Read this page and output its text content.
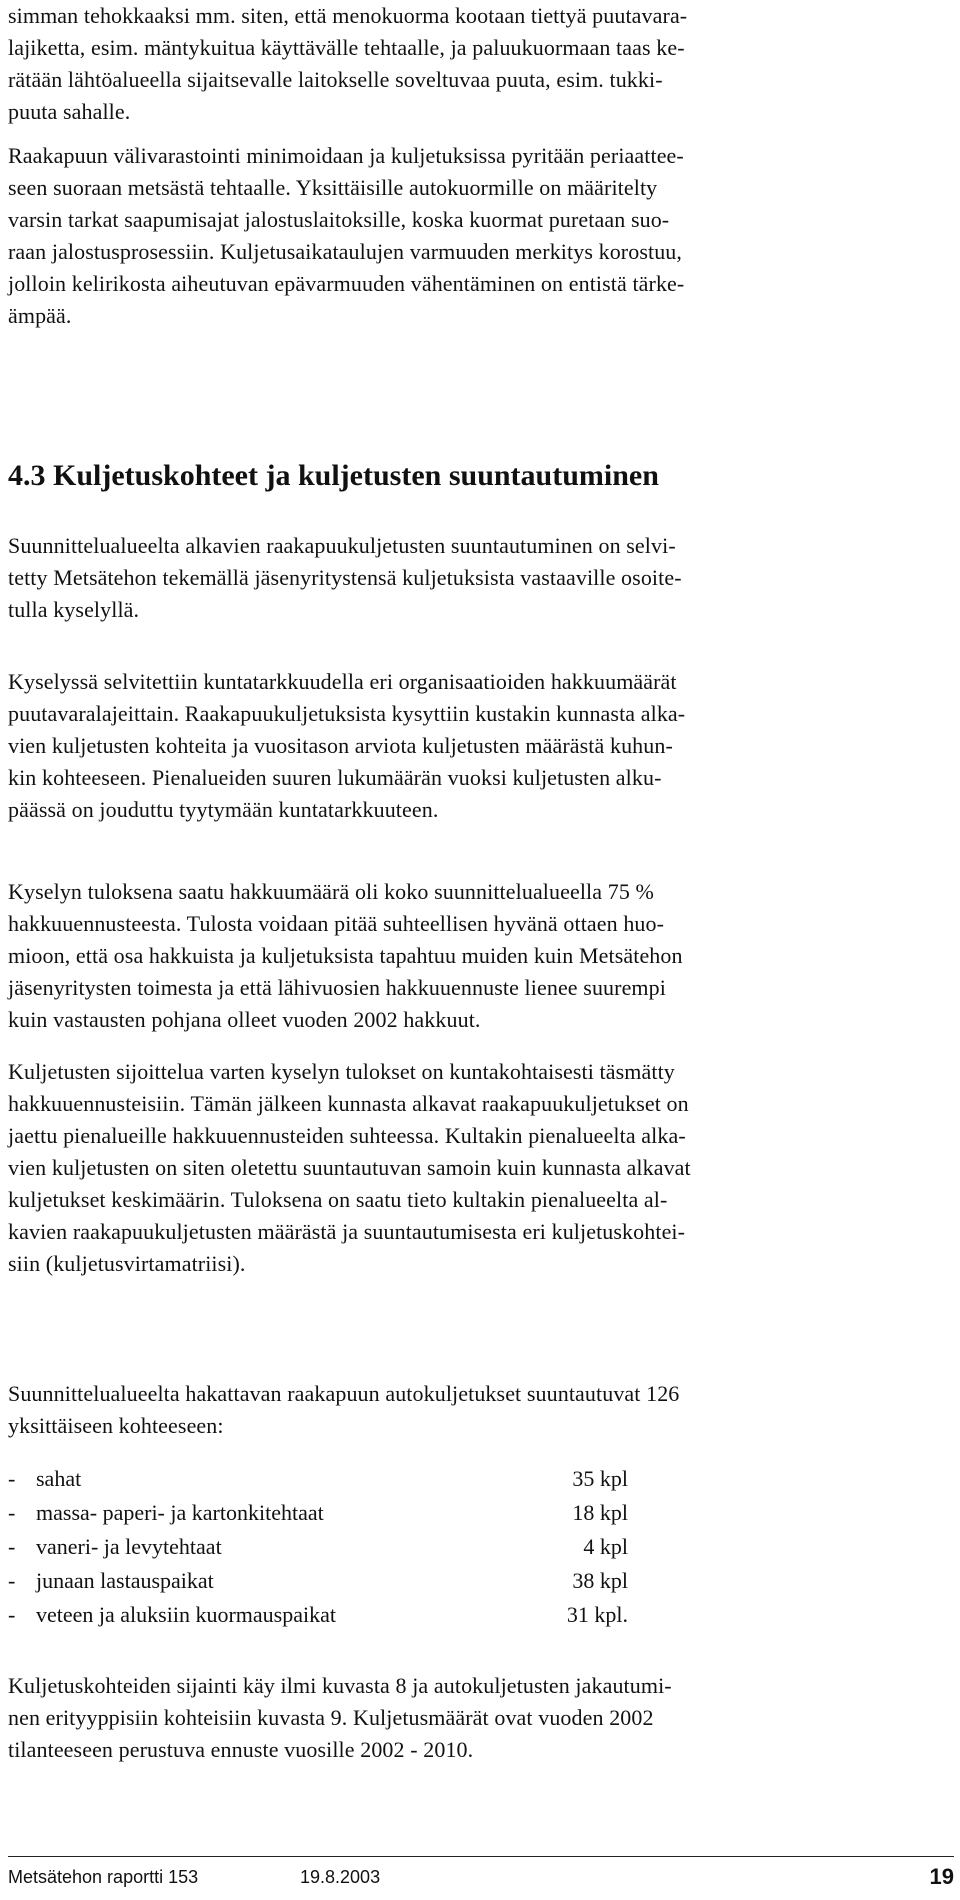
simman tehokkaaksi mm. siten, että menokuorma kootaan tiettyä puutavara-
lajiketta, esim. mäntykuitua käyttävälle tehtaalle, ja paluukuormaan taas ke-
rätään lähtöalueella sijaitsevalle laitokselle soveltuvaa puuta, esim. tukki-
puuta sahalle.

Raakapuun välivarastointi minimoidaan ja kuljetuksissa pyritään periaattee-
seen suoraan metsästä tehtaalle. Yksittäisille autokuormille on määritelty
varsin tarkat saapumisajat jalostuslaitoksille, koska kuormat puretaan suo-
raan jalostusprosessiin. Kuljetusaikataulujen varmuuden merkitys korostuu,
jolloin kelirikosta aiheutuvan epävarmuuden vähentäminen on entistä tärke-
ämpää.

4.3 Kuljetuskohteet ja kuljetusten suuntautuminen

Suunnittelualueelta alkavien raakapuukuljetusten suuntautuminen on selvi-
tetty Metsätehon tekemällä jäsenyritystensä kuljetuksista vastaaville osoite-
tulla kyselyllä.

Kyselyssä selvitettiin kuntatarkkuudella eri organisaatioiden hakkuumäärät
puutavaralajeittain. Raakapuukuljetuksista kysyttiin kustakin kunnasta alka-
vien kuljetusten kohteita ja vuositason arviota kuljetusten määrästä kuhun-
kin kohteeseen. Pienalueiden suuren lukumäärän vuoksi kuljetusten alku-
päässä on jouduttu tyytymään kuntatarkkuuteen.

Kyselyn tuloksena saatu hakkuumäärä oli koko suunnittelualueella 75 %
hakkuuennusteesta. Tulosta voidaan pitää suhteellisen hyvänä ottaen huo-
mioon, että osa hakkuista ja kuljetuksista tapahtuu muiden kuin Metsätehon
jäsenyritysten toimesta ja että lähivuosien hakkuuennuste lienee suurempi
kuin vastausten pohjana olleet vuoden 2002 hakkuut.

Kuljetusten sijoittelua varten kyselyn tulokset on kuntakohtaisesti täsmätty
hakkuuennusteisiin. Tämän jälkeen kunnasta alkavat raakapuukuljetukset on
jaettu pienalueille hakkuuennusteiden suhteessa. Kultakin pienalueelta alka-
vien kuljetusten on siten oletettu suuntautuvan samoin kuin kunnasta alkavat
kuljetukset keskimäärin. Tuloksena on saatu tieto kultakin pienalueelta al-
kavien raakapuukuljetusten määrästä ja suuntautumisesta eri kuljetuskohtei-
siin (kuljetusvirtamatriisi).

Suunnittelualueelta hakattavan raakapuun autokuljetukset suuntautuvat 126
yksittäiseen kohteeseen:

- sahat	35 kpl
- massa- paperi- ja kartonkitehtaat	18 kpl
- vaneri- ja levytehtaat	4 kpl
- junaan lastauspaikat	38 kpl
- veteen ja aluksiin kuormauspaikat	31 kpl.

Kuljetuskohteiden sijainti käy ilmi kuvasta 8 ja autokuljetusten jakautumi-
nen erityyppisiin kohteisiin kuvasta 9. Kuljetusmäärät ovat vuoden 2002
tilanteeseen perustuva ennuste vuosille 2002 - 2010.

Metsätehon raportti 153	19.8.2003	19
